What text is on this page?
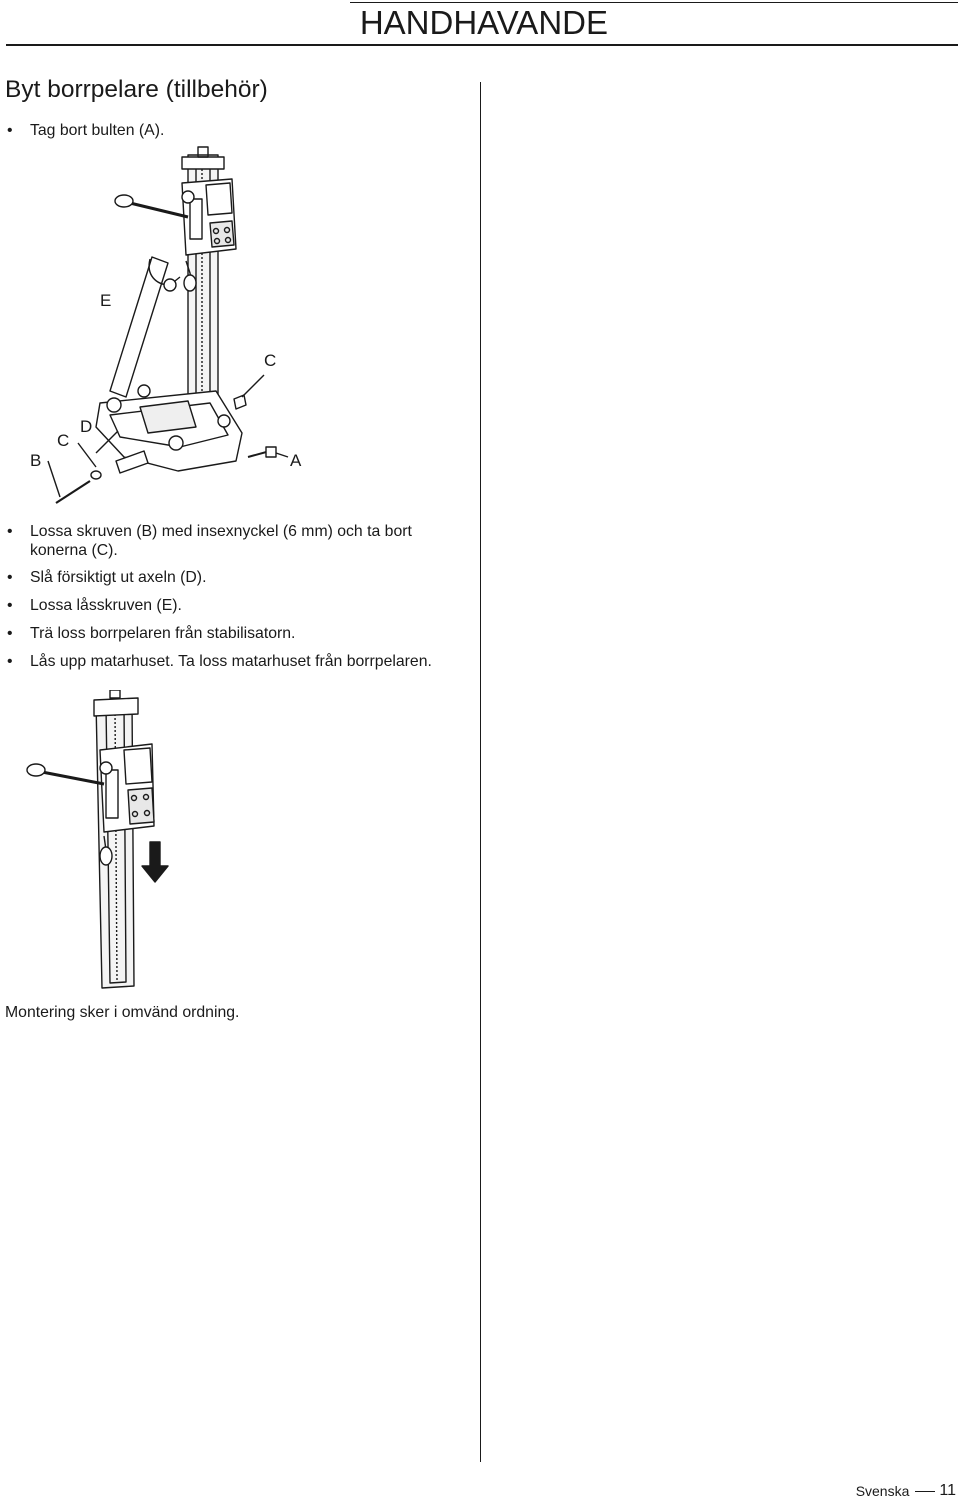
HANDHAVANDE
Byt borrpelare (tillbehör)
• Tag bort bulten (A).
E
C
D
C
B	A
• Lossa skruven (B) med insexnyckel (6 mm) och ta bort konerna (C).
• Slå försiktigt ut axeln (D).
• Lossa låsskruven (E).
• Trä loss borrpelaren från stabilisatorn.
• Lås upp matarhuset. Ta loss matarhuset från borrpelaren.

Montering sker i omvänd ordning.

Svenska 11
